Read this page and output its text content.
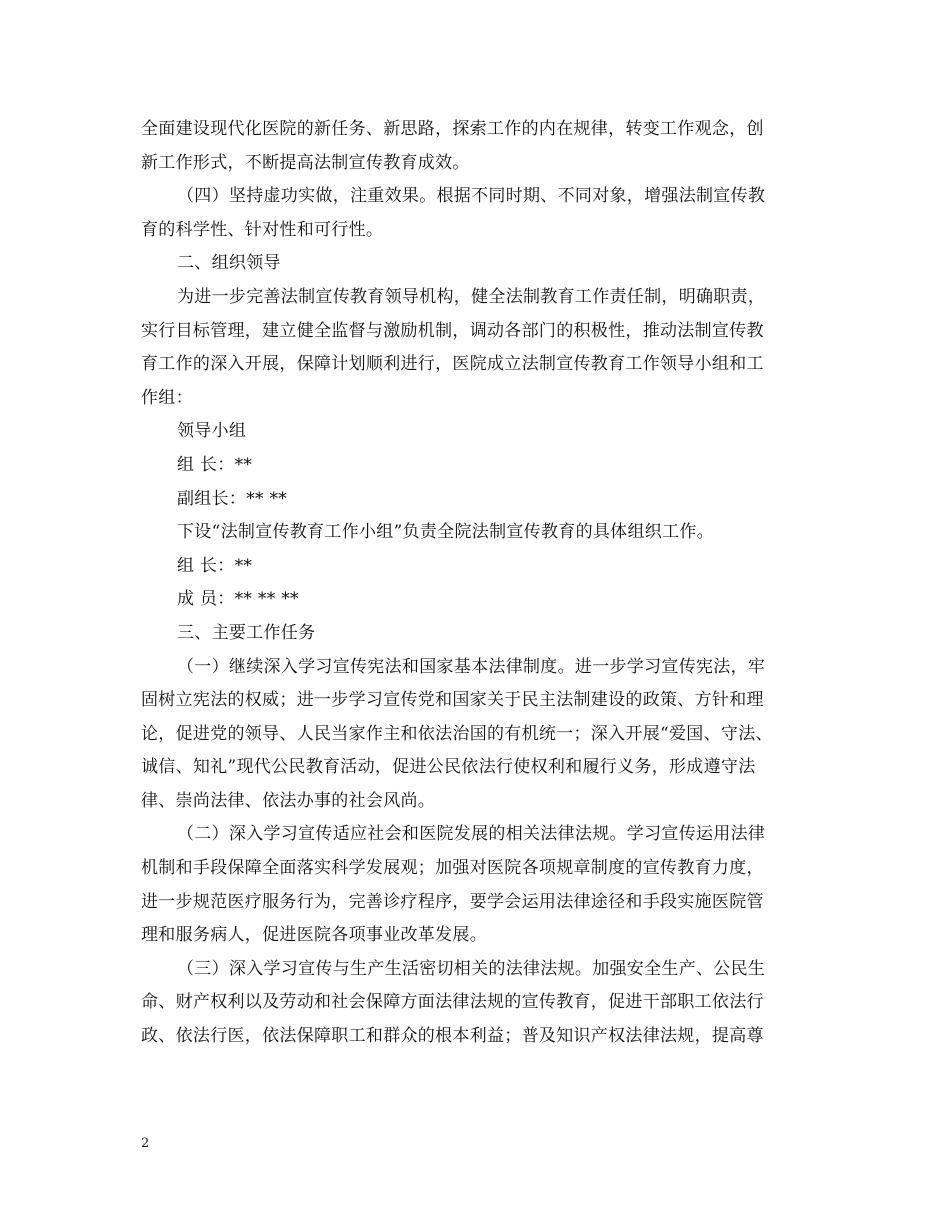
全面建设现代化医院的新任务、新思路，探索工作的内在规律，转变工作观念，创
新工作形式，不断提高法制宣传教育成效。
（四）坚持虚功实做，注重效果。根据不同时期、不同对象，增强法制宣传教
育的科学性、针对性和可行性。
二、组织领导
为进一步完善法制宣传教育领导机构，健全法制教育工作责任制，明确职责，
实行目标管理，建立健全监督与激励机制，调动各部门的积极性，推动法制宣传教
育工作的深入开展，保障计划顺利进行，医院成立法制宣传教育工作领导小组和工
作组：
领导小组
组 长：**
副组长：** **
下设“法制宣传教育工作小组”负责全院法制宣传教育的具体组织工作。
组 长：**
成 员：** ** **
三、主要工作任务
（一）继续深入学习宣传宪法和国家基本法律制度。进一步学习宣传宪法，牢
固树立宪法的权威；进一步学习宣传党和国家关于民主法制建设的政策、方针和理
论，促进党的领导、人民当家作主和依法治国的有机统一；深入开展“爱国、守法、
诚信、知礼”现代公民教育活动，促进公民依法行使权利和履行义务，形成遵守法
律、崇尚法律、依法办事的社会风尚。
（二）深入学习宣传适应社会和医院发展的相关法律法规。学习宣传运用法律
机制和手段保障全面落实科学发展观；加强对医院各项规章制度的宣传教育力度，
进一步规范医疗服务行为，完善诊疗程序，要学会运用法律途径和手段实施医院管
理和服务病人，促进医院各项事业改革发展。
（三）深入学习宣传与生产生活密切相关的法律法规。加强安全生产、公民生
命、财产权利以及劳动和社会保障方面法律法规的宣传教育，促进干部职工依法行
政、依法行医，依法保障职工和群众的根本利益；普及知识产权法律法规，提高尊
2
